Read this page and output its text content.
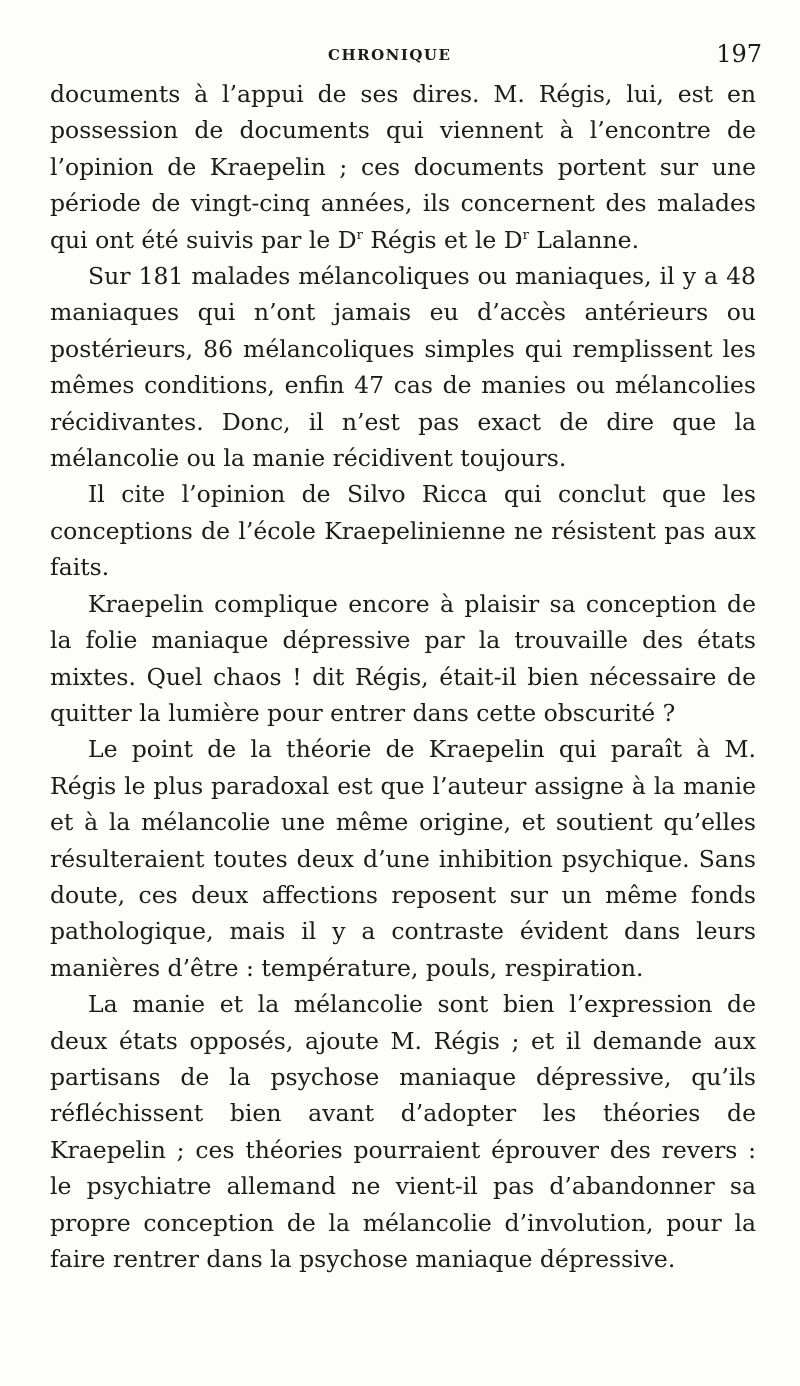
CHRONIQUE	197

documents à l’appui de ses dires. M. Régis, lui, est en possession de documents qui viennent à l’encontre de l’opinion de Kraepelin ; ces documents portent sur une période de vingt-cinq années, ils concernent des malades qui ont été suivis par le $D^r$ Régis et le $D^r$ Lalanne.

Sur 181 malades mélancoliques ou maniaques, il y a 48 maniaques qui n’ont jamais eu d’accès antérieurs ou postérieurs, 86 mélancoliques simples qui remplissent les mêmes conditions, enfin 47 cas de manies ou mélancolies récidivantes. Donc, il n’est pas exact de dire que la mélancolie ou la manie récidivent toujours.

Il cite l’opinion de Silvo Ricca qui conclut que les conceptions de l’école Kraepelinienne ne résistent pas aux faits.

Kraepelin complique encore à plaisir sa conception de la folie maniaque dépressive par la trouvaille des états mixtes. Quel chaos ! dit Régis, était-il bien nécessaire de quitter la lumière pour entrer dans cette obscurité ?

Le point de la théorie de Kraepelin qui paraît à M. Régis le plus paradoxal est que l’auteur assigne à la manie et à la mélancolie une même origine, et soutient qu’elles résulteraient toutes deux d’une inhibition psychique. Sans doute, ces deux affections reposent sur un même fonds pathologique, mais il y a contraste évident dans leurs manières d’être : température, pouls, respiration.

La manie et la mélancolie sont bien l’expression de deux états opposés, ajoute M. Régis ; et il demande aux partisans de la psychose maniaque dépressive, qu’ils réfléchissent bien avant d’adopter les théories de Kraepelin ; ces théories pourraient éprouver des revers : le psychiatre allemand ne vient-il pas d’abandonner sa propre conception de la mélancolie d’involution, pour la faire rentrer dans la psychose maniaque dépressive.
